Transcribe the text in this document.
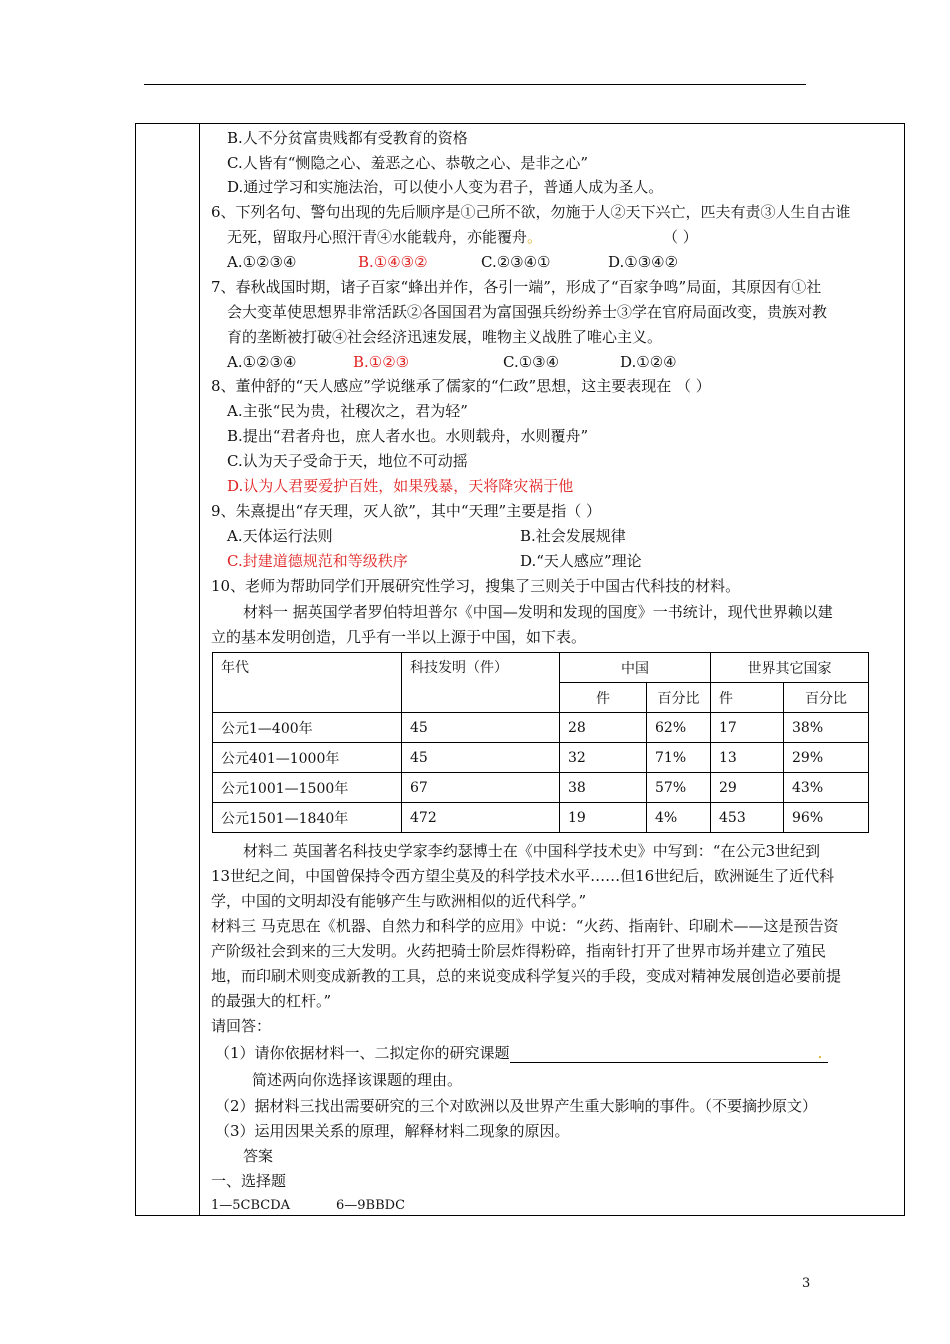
B.人不分贫富贵贱都有受教育的资格
C.人皆有“恻隐之心、羞恶之心、恭敬之心、是非之心”
D.通过学习和实施法治，可以使小人变为君子，普通人成为圣人。
6、下列名句、警句出现的先后顺序是①己所不欲，勿施于人②天下兴亡，匹夫有责③人生自古谁
无死，留取丹心照汗青④水能载舟，亦能覆舟。	（ ）
A.①②③④	B.①④③②	C.②③④①	D.①③④②
7、春秋战国时期，诸子百家“蜂出并作，各引一端”，形成了“百家争鸣”局面，其原因有①社
会大变革使思想界非常活跃②各国国君为富国强兵纷纷养士③学在官府局面改变，贵族对教
育的垄断被打破④社会经济迅速发展，唯物主义战胜了唯心主义。
A.①②③④	B.①②③	C.①③④	D.①②④
8、董仲舒的“天人感应”学说继承了儒家的“仁政”思想，这主要表现在 （ ）
A.主张“民为贵，社稷次之，君为轻”
B.提出“君者舟也，庶人者水也。水则载舟，水则覆舟”
C.认为天子受命于天，地位不可动摇
D.认为人君要爱护百姓，如果残暴，天将降灾祸于他
9、朱熹提出“存天理，灭人欲”，其中“天理”主要是指（ ）
A.天体运行法则	B.社会发展规律
C.封建道德规范和等级秩序	D.“天人感应”理论
10、老师为帮助同学们开展研究性学习，搜集了三则关于中国古代科技的材料。
材料一 据英国学者罗伯特坦普尔《中国—发明和发现的国度》一书统计，现代世界赖以建
立的基本发明创造，几乎有一半以上源于中国，如下表。
年代	科技发明（件）	中国		世界其它国家	
		件	百分比	件	百分比
公元1—400年	45	28	62%	17	38%
公元401—1000年	45	32	71%	13	29%
公元1001—1500年	67	38	57%	29	43%
公元1501—1840年	472	19	4%	453	96%
材料二 英国著名科技史学家李约瑟博士在《中国科学技术史》中写到：“在公元3世纪到
13世纪之间，中国曾保持令西方望尘莫及的科学技术水平……但16世纪后，欧洲诞生了近代科
学，中国的文明却没有能够产生与欧洲相似的近代科学。”
材料三 马克思在《机器、自然力和科学的应用》中说：“火药、指南针、印刷术——这是预告资
产阶级社会到来的三大发明。火药把骑士阶层炸得粉碎，指南针打开了世界市场并建立了殖民
地，而印刷术则变成新教的工具，总的来说变成科学复兴的手段，变成对精神发展创造必要前提
的最强大的杠杆。”
请回答：
（1）请你依据材料一、二拟定你的研究课题	.
简述两向你选择该课题的理由。
（2）据材料三找出需要研究的三个对欧洲以及世界产生重大影响的事件。（不要摘抄原文）
（3）运用因果关系的原理，解释材料二现象的原因。
答案
一、选择题
1—5CBCDA	6—9BBDC
3
